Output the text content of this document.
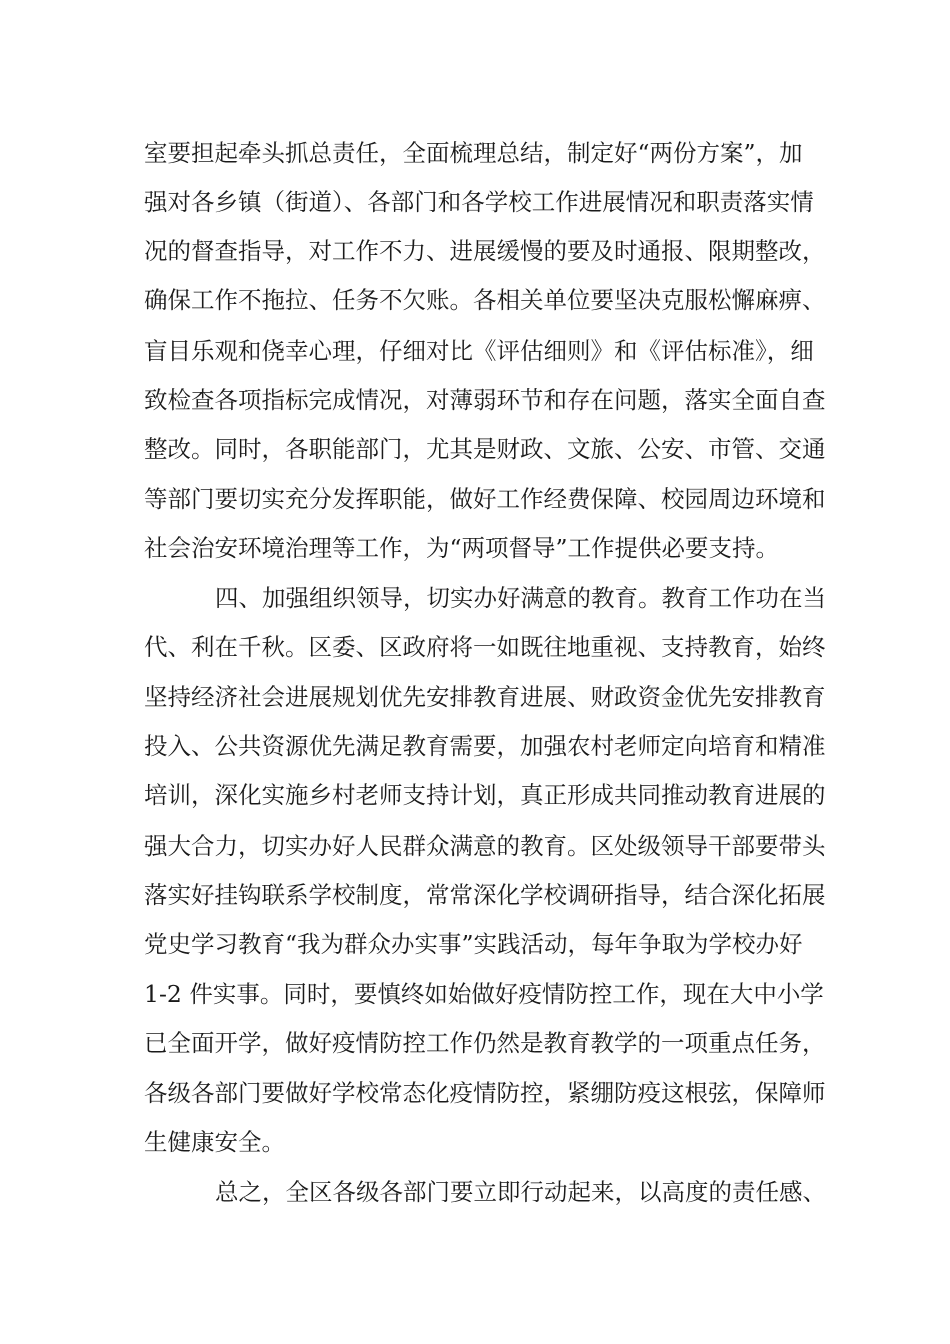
室要担起牵头抓总责任，全面梳理总结，制定好“两份方案”，加
强对各乡镇（街道）、各部门和各学校工作进展情况和职责落实情
况的督查指导，对工作不力、进展缓慢的要及时通报、限期整改，
确保工作不拖拉、任务不欠账。各相关单位要坚决克服松懈麻痹、
盲目乐观和侥幸心理，仔细对比《评估细则》和《评估标准》，细
致检查各项指标完成情况，对薄弱环节和存在问题，落实全面自查
整改。同时，各职能部门，尤其是财政、文旅、公安、市管、交通
等部门要切实充分发挥职能，做好工作经费保障、校园周边环境和
社会治安环境治理等工作，为“两项督导”工作提供必要支持。
四、加强组织领导，切实办好满意的教育。教育工作功在当
代、利在千秋。区委、区政府将一如既往地重视、支持教育，始终
坚持经济社会进展规划优先安排教育进展、财政资金优先安排教育
投入、公共资源优先满足教育需要，加强农村老师定向培育和精准
培训，深化实施乡村老师支持计划，真正形成共同推动教育进展的
强大合力，切实办好人民群众满意的教育。区处级领导干部要带头
落实好挂钩联系学校制度，常常深化学校调研指导，结合深化拓展
党史学习教育“我为群众办实事”实践活动，每年争取为学校办好
1-2 件实事。同时，要慎终如始做好疫情防控工作，现在大中小学
已全面开学，做好疫情防控工作仍然是教育教学的一项重点任务，
各级各部门要做好学校常态化疫情防控，紧绷防疫这根弦，保障师
生健康安全。
总之，全区各级各部门要立即行动起来，以高度的责任感、
